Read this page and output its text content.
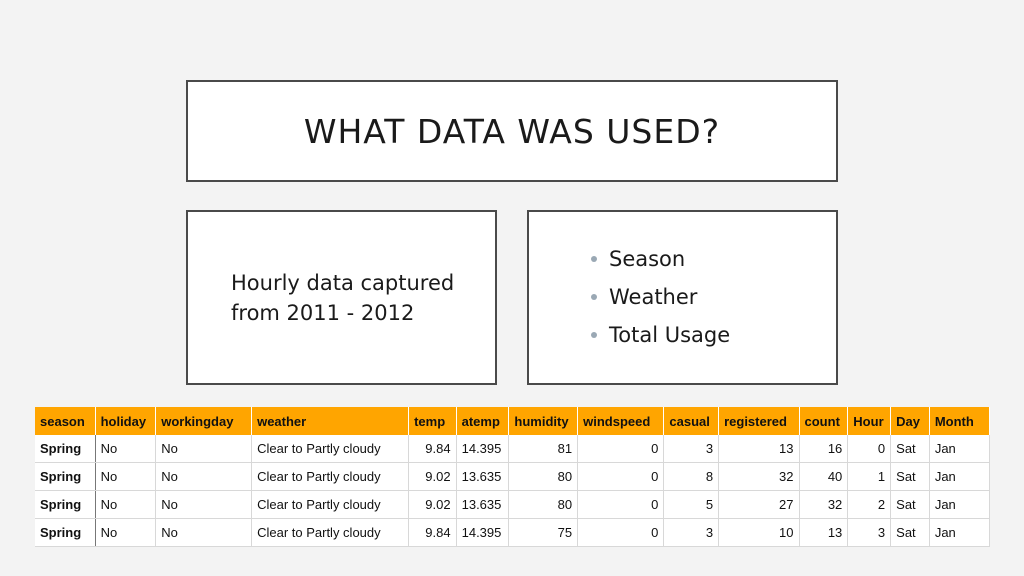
WHAT DATA WAS USED?
Hourly data captured
from 2011 - 2012
Season
Weather
Total Usage
season	holiday	workingday	weather	temp	atemp	humidity	windspeed	casual	registered	count	Hour	Day	Month
Spring	No	No	Clear to Partly cloudy	9.84	14.395	81	0	3	13	16	0	Sat	Jan
Spring	No	No	Clear to Partly cloudy	9.02	13.635	80	0	8	32	40	1	Sat	Jan
Spring	No	No	Clear to Partly cloudy	9.02	13.635	80	0	5	27	32	2	Sat	Jan
Spring	No	No	Clear to Partly cloudy	9.84	14.395	75	0	3	10	13	3	Sat	Jan
